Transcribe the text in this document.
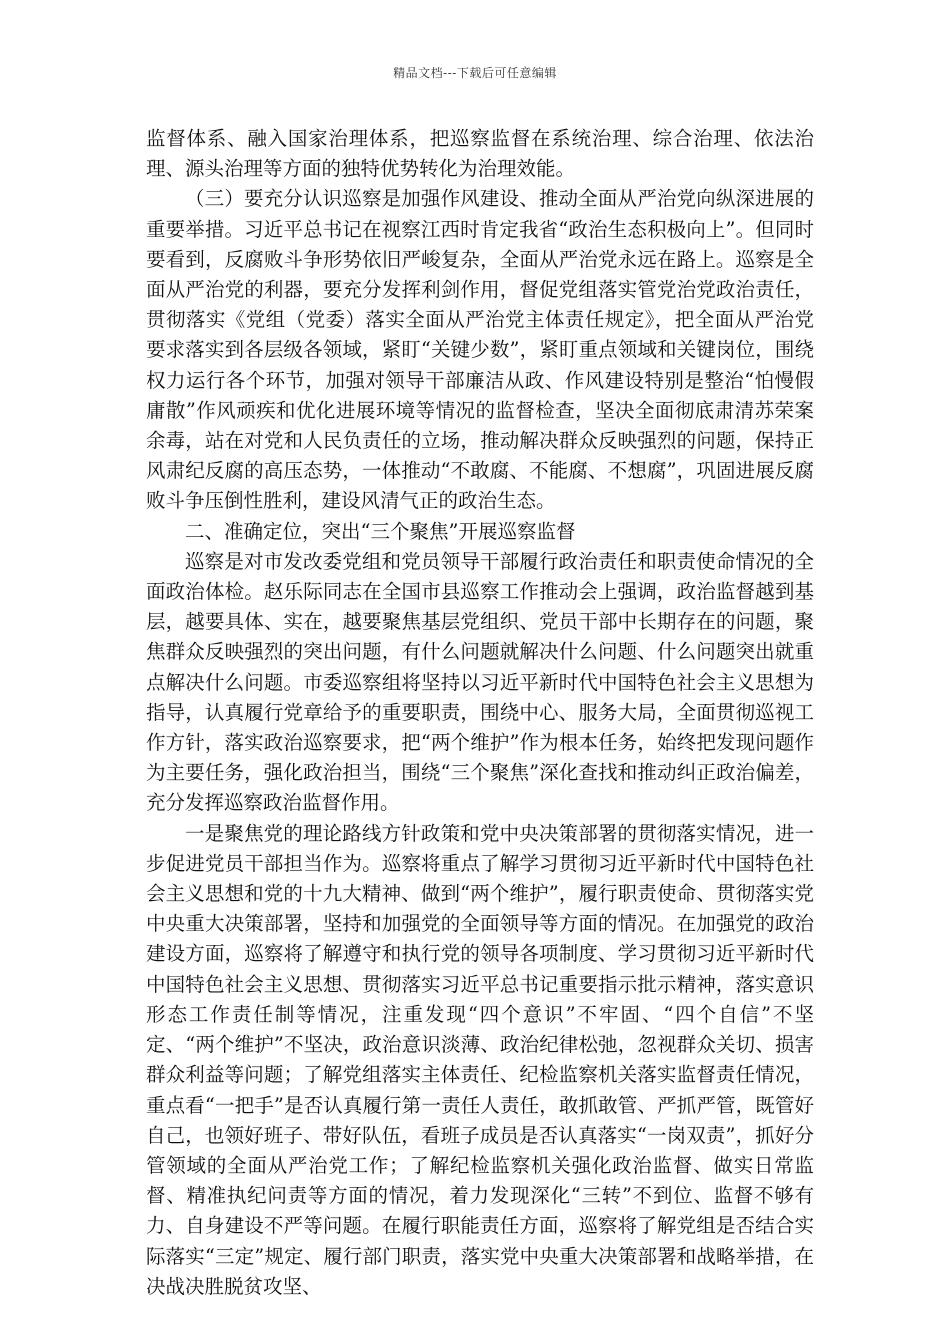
精品文档---下载后可任意编辑

监督体系、融入国家治理体系，把巡察监督在系统治理、综合治理、依法治理、源头治理等方面的独特优势转化为治理效能。

（三）要充分认识巡察是加强作风建设、推动全面从严治党向纵深进展的重要举措。习近平总书记在视察江西时肯定我省“政治生态积极向上”。但同时要看到，反腐败斗争形势依旧严峻复杂，全面从严治党永远在路上。巡察是全面从严治党的利器，要充分发挥利剑作用，督促党组落实管党治党政治责任，贯彻落实《党组（党委）落实全面从严治党主体责任规定》，把全面从严治党要求落实到各层级各领域，紧盯“关键少数”，紧盯重点领域和关键岗位，围绕权力运行各个环节，加强对领导干部廉洁从政、作风建设特别是整治“怕慢假庸散”作风顽疾和优化进展环境等情况的监督检查，坚决全面彻底肃清苏荣案余毒，站在对党和人民负责任的立场，推动解决群众反映强烈的问题，保持正风肃纪反腐的高压态势，一体推动“不敢腐、不能腐、不想腐”，巩固进展反腐败斗争压倒性胜利，建设风清气正的政治生态。

二、准确定位，突出“三个聚焦”开展巡察监督

巡察是对市发改委党组和党员领导干部履行政治责任和职责使命情况的全面政治体检。赵乐际同志在全国市县巡察工作推动会上强调，政治监督越到基层，越要具体、实在，越要聚焦基层党组织、党员干部中长期存在的问题，聚焦群众反映强烈的突出问题，有什么问题就解决什么问题、什么问题突出就重点解决什么问题。市委巡察组将坚持以习近平新时代中国特色社会主义思想为指导，认真履行党章给予的重要职责，围绕中心、服务大局，全面贯彻巡视工作方针，落实政治巡察要求，把“两个维护”作为根本任务，始终把发现问题作为主要任务，强化政治担当，围绕“三个聚焦”深化查找和推动纠正政治偏差，充分发挥巡察政治监督作用。

一是聚焦党的理论路线方针政策和党中央决策部署的贯彻落实情况，进一步促进党员干部担当作为。巡察将重点了解学习贯彻习近平新时代中国特色社会主义思想和党的十九大精神、做到“两个维护”，履行职责使命、贯彻落实党中央重大决策部署，坚持和加强党的全面领导等方面的情况。在加强党的政治建设方面，巡察将了解遵守和执行党的领导各项制度、学习贯彻习近平新时代中国特色社会主义思想、贯彻落实习近平总书记重要指示批示精神，落实意识形态工作责任制等情况，注重发现“四个意识”不牢固、“四个自信”不坚定、“两个维护”不坚决，政治意识淡薄、政治纪律松弛，忽视群众关切、损害群众利益等问题；了解党组落实主体责任、纪检监察机关落实监督责任情况，重点看“一把手”是否认真履行第一责任人责任，敢抓敢管、严抓严管，既管好自己，也领好班子、带好队伍，看班子成员是否认真落实“一岗双责”，抓好分管领域的全面从严治党工作；了解纪检监察机关强化政治监督、做实日常监督、精准执纪问责等方面的情况，着力发现深化“三转”不到位、监督不够有力、自身建设不严等问题。在履行职能责任方面，巡察将了解党组是否结合实际落实“三定”规定、履行部门职责，落实党中央重大决策部署和战略举措，在决战决胜脱贫攻坚、
